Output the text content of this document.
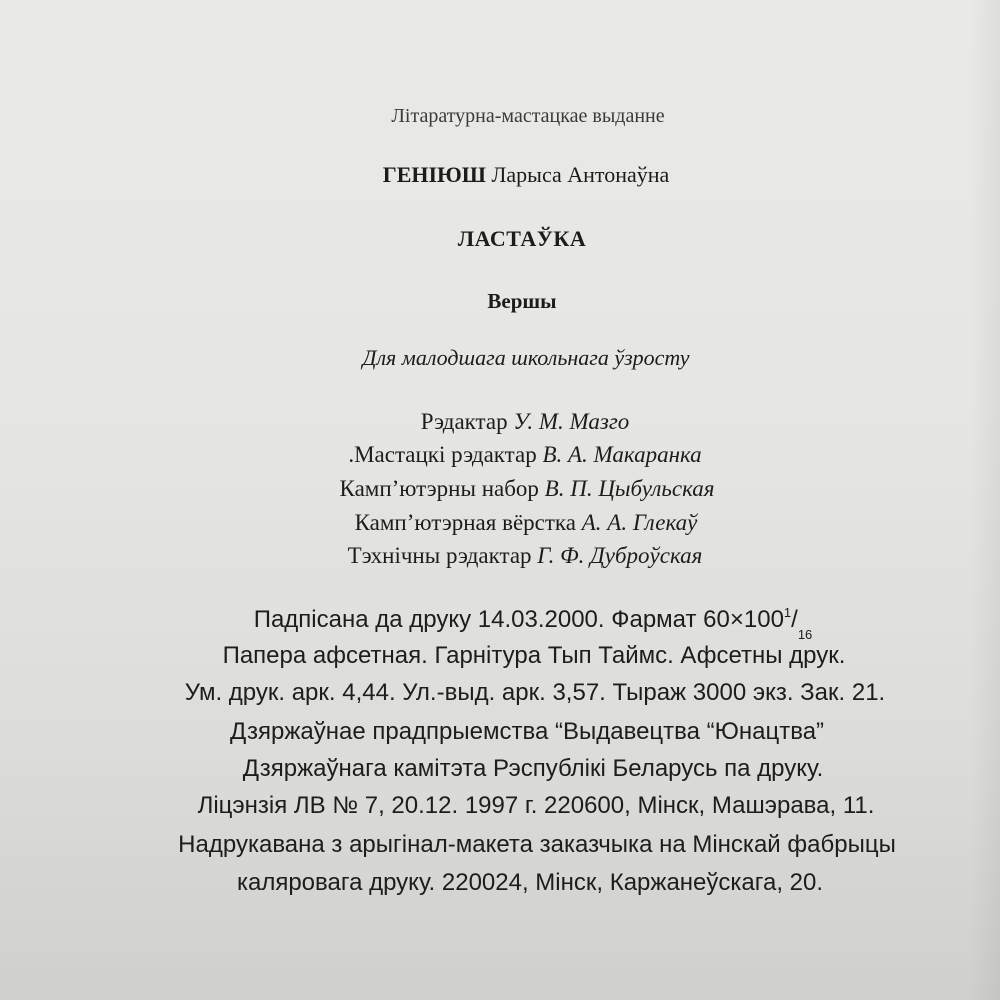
Літаратурна-мастацкае выданне
ГЕНІЮШ Ларыса Антонаўна
ЛАСТАЎКА
Вершы
Для малодшага школьнага ўзросту
Рэдактар У. М. Мазго
.Мастацкі рэдактар В. А. Макаранка
Камп’ютэрны набор В. П. Цыбульская
Камп’ютэрная вёрстка А. А. Глекаў
Тэхнічны рэдактар Г. Ф. Дуброўская
Падпісана да друку 14.03.2000. Фармат $60\times 100^1/_{16}$
Папера афсетная. Гарнітура Тып Таймс. Афсетны друк.
Ум. друк. арк. 4,44. Ул.-выд. арк. 3,57. Тыраж 3000 экз. Зак. 21.
Дзяржаўнае прадпрыемства “Выдавецтва “Юнацтва”
Дзяржаўнага камітэта Рэспублікі Беларусь па друку.
Ліцэнзія ЛВ № 7, 20.12. 1997 г. 220600, Мінск, Машэрава, 11.
Надрукавана з арыгінал-макета заказчыка на Мінскай фабрыцы
каляровага друку. 220024, Мінск, Каржанеўскага, 20.
